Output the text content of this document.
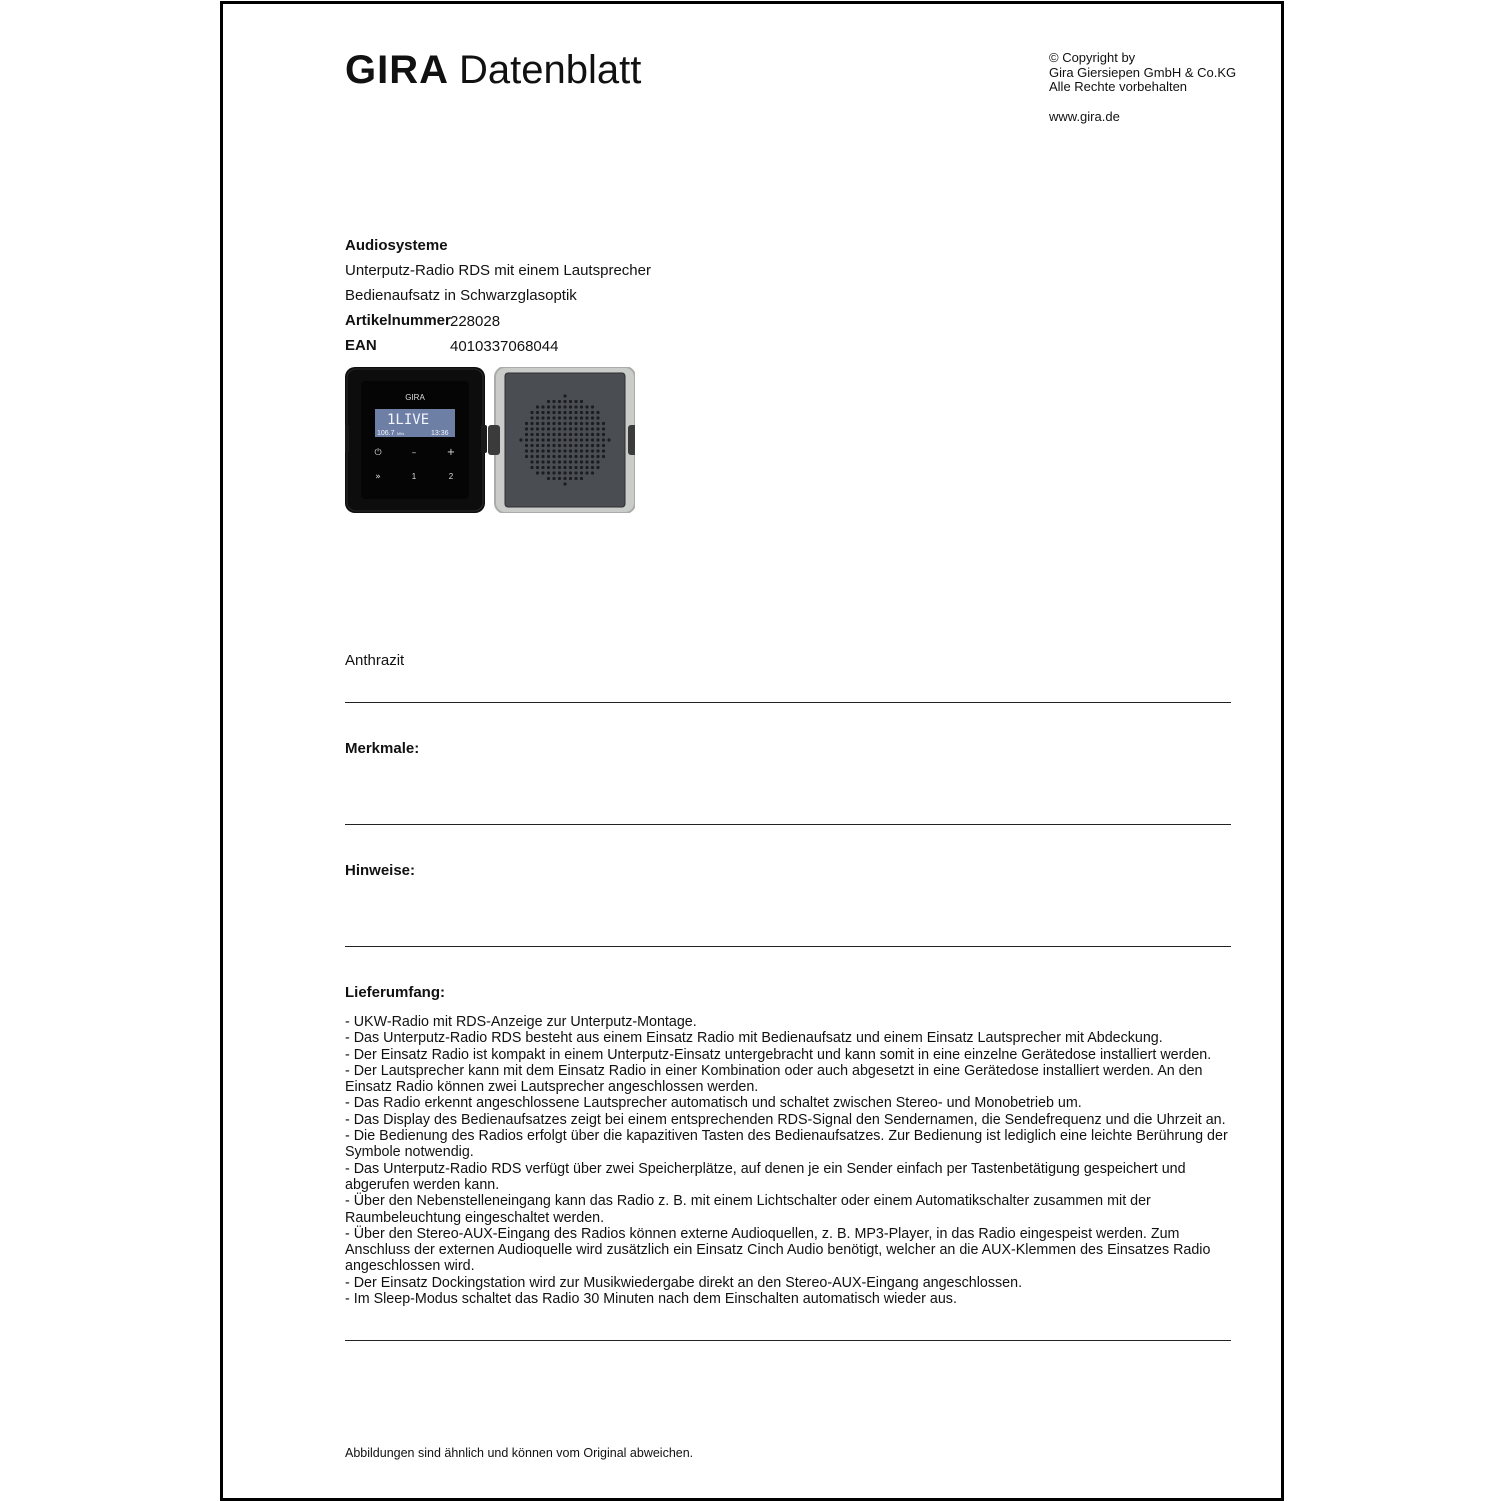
GIRA Datenblatt	© Copyright by
Gira Giersiepen GmbH & Co.KG
Alle Rechte vorbehalten
www.gira.de
Audiosysteme
Unterputz-Radio RDS mit einem Lautsprecher
Bedienaufsatz in Schwarzglasoptik
Artikelnummer 228028
EAN	4010337068044
GIRA
1LIVE
106.7 MHz	13:36
⏻	–	+
»	1	2
Anthrazit
Merkmale:
Hinweise:
Lieferumfang:
- UKW-Radio mit RDS-Anzeige zur Unterputz-Montage.
- Das Unterputz-Radio RDS besteht aus einem Einsatz Radio mit Bedienaufsatz und einem Einsatz Lautsprecher mit Abdeckung.
- Der Einsatz Radio ist kompakt in einem Unterputz-Einsatz untergebracht und kann somit in eine einzelne Gerätedose installiert werden.
- Der Lautsprecher kann mit dem Einsatz Radio in einer Kombination oder auch abgesetzt in eine Gerätedose installiert werden. An den Einsatz Radio können zwei Lautsprecher angeschlossen werden.
- Das Radio erkennt angeschlossene Lautsprecher automatisch und schaltet zwischen Stereo- und Monobetrieb um.
- Das Display des Bedienaufsatzes zeigt bei einem entsprechenden RDS-Signal den Sendernamen, die Sendefrequenz und die Uhrzeit an.
- Die Bedienung des Radios erfolgt über die kapazitiven Tasten des Bedienaufsatzes. Zur Bedienung ist lediglich eine leichte Berührung der Symbole notwendig.
- Das Unterputz-Radio RDS verfügt über zwei Speicherplätze, auf denen je ein Sender einfach per Tastenbetätigung gespeichert und abgerufen werden kann.
- Über den Nebenstelleneingang kann das Radio z. B. mit einem Lichtschalter oder einem Automatikschalter zusammen mit der Raumbeleuchtung eingeschaltet werden.
- Über den Stereo-AUX-Eingang des Radios können externe Audioquellen, z. B. MP3-Player, in das Radio eingespeist werden. Zum Anschluss der externen Audioquelle wird zusätzlich ein Einsatz Cinch Audio benötigt, welcher an die AUX-Klemmen des Einsatzes Radio angeschlossen wird.
- Der Einsatz Dockingstation wird zur Musikwiedergabe direkt an den Stereo-AUX-Eingang angeschlossen.
- Im Sleep-Modus schaltet das Radio 30 Minuten nach dem Einschalten automatisch wieder aus.
Abbildungen sind ähnlich und können vom Original abweichen.
